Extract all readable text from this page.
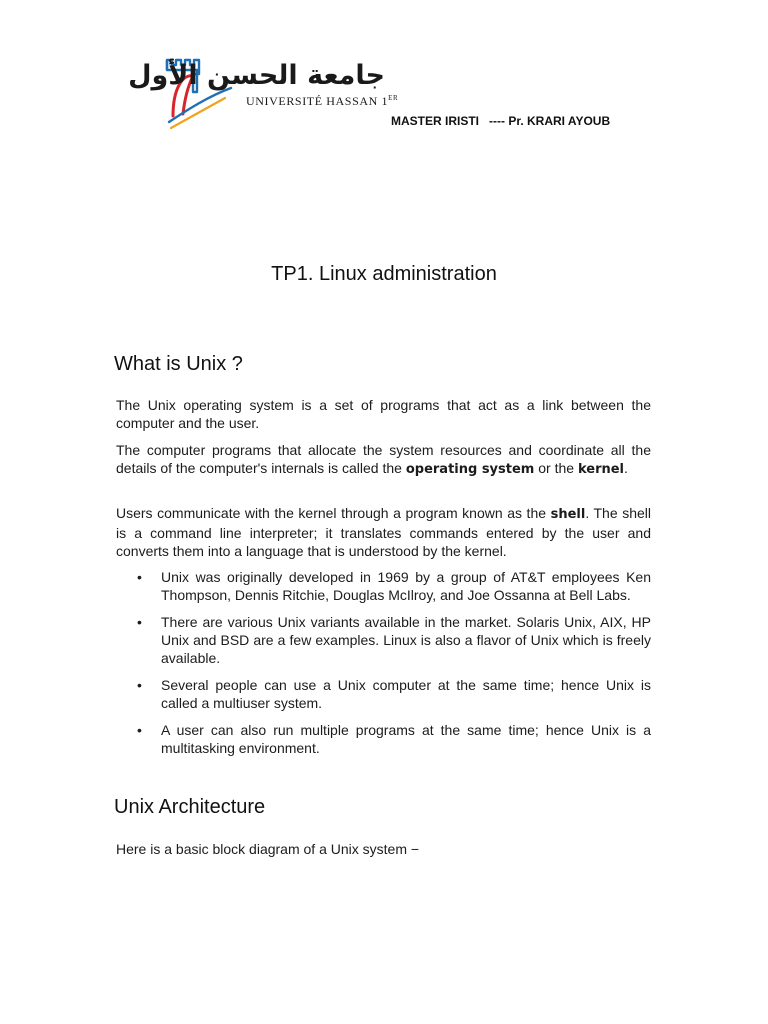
جامعة الحسن الأول
UNIVERSITÉ HASSAN 1ER
MASTER IRISTI   ---- Pr. KRARI AYOUB
TP1. Linux administration
What is Unix ?
The Unix operating system is a set of programs that act as a link between the computer and the user.
The computer programs that allocate the system resources and coordinate all the details of the computer's internals is called the operating system or the kernel.
Users communicate with the kernel through a program known as the shell. The shell is a command line interpreter; it translates commands entered by the user and converts them into a language that is understood by the kernel.
• Unix was originally developed in 1969 by a group of AT&T employees Ken Thompson, Dennis Ritchie, Douglas McIlroy, and Joe Ossanna at Bell Labs.
• There are various Unix variants available in the market. Solaris Unix, AIX, HP Unix and BSD are a few examples. Linux is also a flavor of Unix which is freely available.
• Several people can use a Unix computer at the same time; hence Unix is called a multiuser system.
• A user can also run multiple programs at the same time; hence Unix is a multitasking environment.
Unix Architecture
Here is a basic block diagram of a Unix system −
